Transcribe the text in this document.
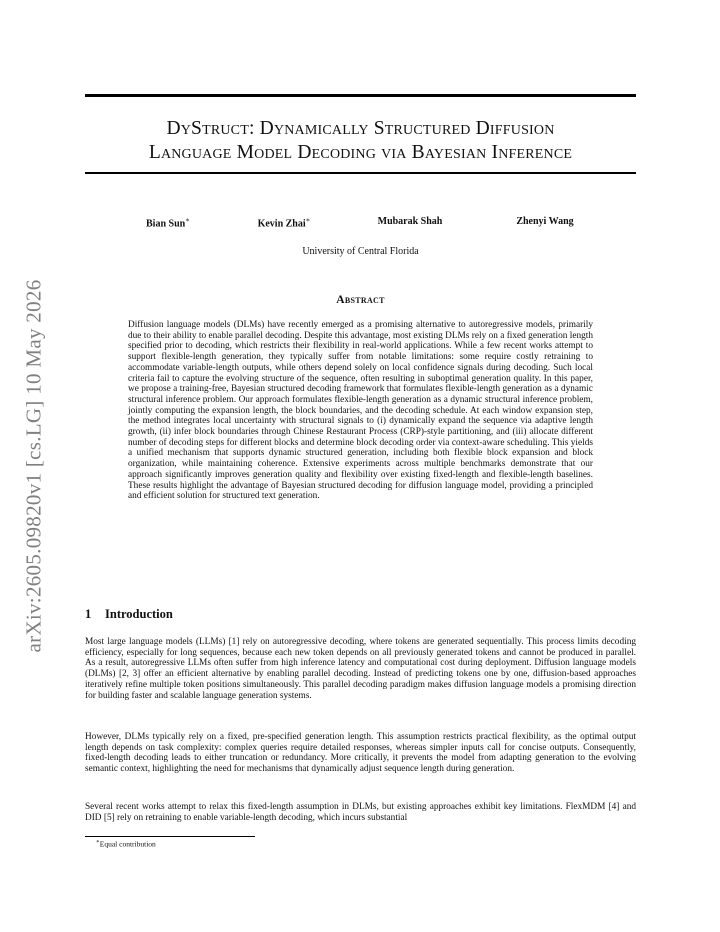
DyStruct: Dynamically Structured Diffusion
Language Model Decoding via Bayesian Inference
Bian Sun∗	Kevin Zhai∗	Mubarak Shah	Zhenyi Wang
University of Central Florida
Abstract

Diffusion language models (DLMs) have recently emerged as a promising alternative to autoregressive models, primarily due to their ability to enable parallel decoding. Despite this advantage, most existing DLMs rely on a fixed generation length specified prior to decoding, which restricts their flexibility in real-world applications. While a few recent works attempt to support flexible-length generation, they typically suffer from notable limitations: some require costly retraining to accommodate variable-length outputs, while others depend solely on local confidence signals during decoding. Such local criteria fail to capture the evolving structure of the sequence, often resulting in suboptimal generation quality. In this paper, we propose a training-free, Bayesian structured decoding framework that formulates flexible-length generation as a dynamic structural inference problem. Our approach formulates flexible-length generation as a dynamic structural inference problem, jointly computing the expansion length, the block boundaries, and the decoding schedule. At each window expansion step, the method integrates local uncertainty with structural signals to (i) dynamically expand the sequence via adaptive length growth, (ii) infer block boundaries through Chinese Restaurant Process (CRP)-style partitioning, and (iii) allocate different number of decoding steps for different blocks and determine block decoding order via context-aware scheduling. This yields a unified mechanism that supports dynamic structured generation, including both flexible block expansion and block organization, while maintaining coherence. Extensive experiments across multiple benchmarks demonstrate that our approach significantly improves generation quality and flexibility over existing fixed-length and flexible-length baselines. These results highlight the advantage of Bayesian structured decoding for diffusion language model, providing a principled and efficient solution for structured text generation.

1 Introduction

Most large language models (LLMs) [1] rely on autoregressive decoding, where tokens are generated sequentially. This process limits decoding efficiency, especially for long sequences, because each new token depends on all previously generated tokens and cannot be produced in parallel. As a result, autoregressive LLMs often suffer from high inference latency and computational cost during deployment. Diffusion language models (DLMs) [2, 3] offer an efficient alternative by enabling parallel decoding. Instead of predicting tokens one by one, diffusion-based approaches iteratively refine multiple token positions simultaneously. This parallel decoding paradigm makes diffusion language models a promising direction for building faster and scalable language generation systems.

However, DLMs typically rely on a fixed, pre-specified generation length. This assumption restricts practical flexibility, as the optimal output length depends on task complexity: complex queries require detailed responses, whereas simpler inputs call for concise outputs. Consequently, fixed-length decoding leads to either truncation or redundancy. More critically, it prevents the model from adapting generation to the evolving semantic context, highlighting the need for mechanisms that dynamically adjust sequence length during generation.

Several recent works attempt to relax this fixed-length assumption in DLMs, but existing approaches exhibit key limitations. FlexMDM [4] and DID [5] rely on retraining to enable variable-length decoding, which incurs substantial

∗Equal contribution
arXiv:2605.09820v1 [cs.LG] 10 May 2026
